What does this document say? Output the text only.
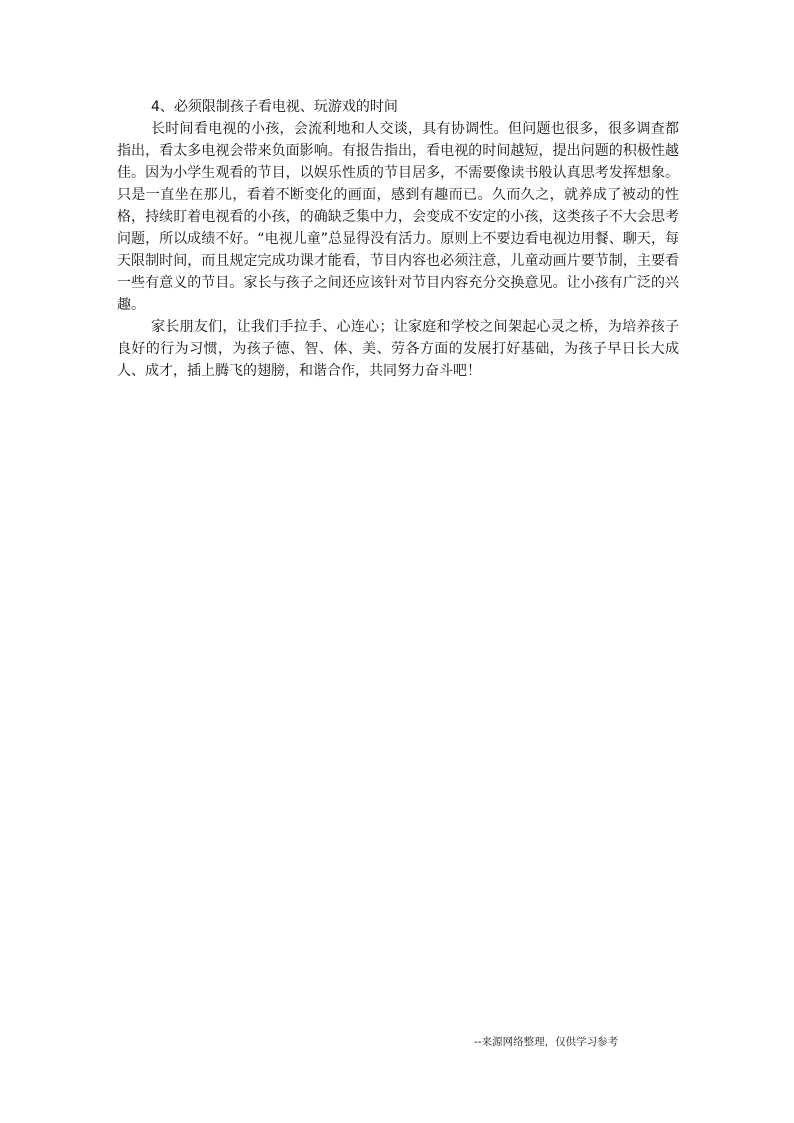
4、必须限制孩子看电视、玩游戏的时间

长时间看电视的小孩，会流利地和人交谈，具有协调性。但问题也很多，很多调查都指出，看太多电视会带来负面影响。有报告指出，看电视的时间越短，提出问题的积极性越佳。因为小学生观看的节目，以娱乐性质的节目居多，不需要像读书般认真思考发挥想象。只是一直坐在那儿，看着不断变化的画面，感到有趣而已。久而久之，就养成了被动的性格，持续盯着电视看的小孩，的确缺乏集中力，会变成不安定的小孩，这类孩子不大会思考问题，所以成绩不好。“电视儿童”总显得没有活力。原则上不要边看电视边用餐、聊天，每天限制时间，而且规定完成功课才能看，节目内容也必须注意，儿童动画片要节制，主要看一些有意义的节目。家长与孩子之间还应该针对节目内容充分交换意见。让小孩有广泛的兴趣。

家长朋友们，让我们手拉手、心连心；让家庭和学校之间架起心灵之桥，为培养孩子良好的行为习惯，为孩子德、智、体、美、劳各方面的发展打好基础，为孩子早日长大成人、成才，插上腾飞的翅膀，和谐合作，共同努力奋斗吧！

--来源网络整理，仅供学习参考
